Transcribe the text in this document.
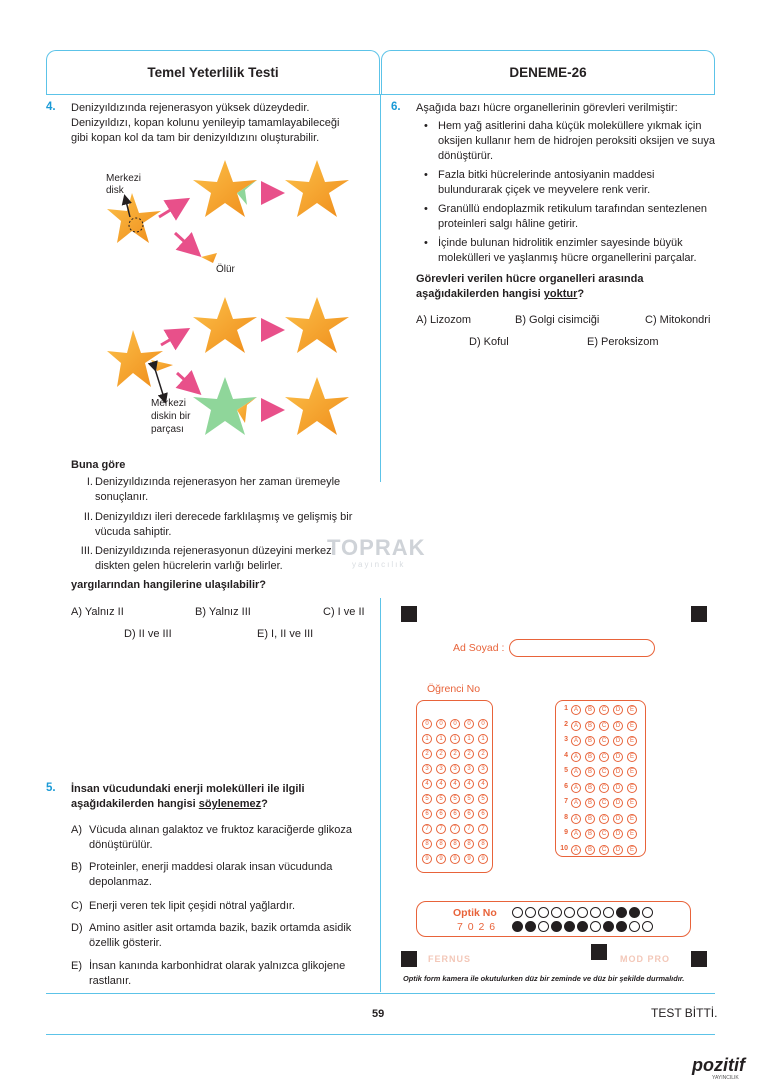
Temel Yeterlilik Testi	DENEME-26
4. Denizyıldızında rejenerasyon yüksek düzeydedir.
Denizyıldızı, kopan kolunu yenileyip tamamlayabileceği
gibi kopan kol da tam bir denizyıldızını oluşturabilir.
Merkezi
disk
Ölür
Merkezi
diskin bir
parçası
Buna göre
I. Denizyıldızında rejenerasyon her zaman üremeyle
sonuçlanır.
II. Denizyıldızı ileri derecede farklılaşmış ve gelişmiş bir
vücuda sahiptir.
III. Denizyıldızında rejenerasyonun düzeyini merkezi
diskten gelen hücrelerin varlığı belirler.
yargılarından hangilerine ulaşılabilir?
A) Yalnız II	B) Yalnız III	C) I ve II
D) II ve III	E) I, II ve III
TOPRAK
yayıncılık
5. İnsan vücudundaki enerji molekülleri ile ilgili
aşağıdakilerden hangisi söylenemez?
A) Vücuda alınan galaktoz ve fruktoz karaciğerde glikoza
dönüştürülür.
B) Proteinler, enerji maddesi olarak insan vücudunda
depolanmaz.
C) Enerji veren tek lipit çeşidi nötral yağlardır.
D) Amino asitler asit ortamda bazik, bazik ortamda asidik
özellik gösterir.
E) İnsan kanında karbonhidrat olarak yalnızca glikojene
rastlanır.
6. Aşağıda bazı hücre organellerinin görevleri verilmiştir:
• Hem yağ asitlerini daha küçük moleküllere yıkmak için oksijen kullanır hem de hidrojen peroksiti oksijen ve suya dönüştürür.
• Fazla bitki hücrelerinde antosiyanin maddesi bulundurarak çiçek ve meyvelere renk verir.
• Granüllü endoplazmik retikulum tarafından sentezlenen proteinleri salgı hâline getirir.
• İçinde bulunan hidrolitik enzimler sayesinde büyük molekülleri ve yaşlanmış hücre organellerini parçalar.
Görevleri verilen hücre organelleri arasında
aşağıdakilerden hangisi yoktur?
A) Lizozom	B) Golgi cisimciği	C) Mitokondri
D) Koful	E) Peroksizom
Ad Soyad :
Öğrenci No
0	0	0	0	0
1	1	1	1	1
2	2	2	2	2
3	3	3	3	3
4	4	4	4	4
5	5	5	5	5
6	6	6	6	6
7	7	7	7	7
8	8	8	8	8
9	9	9	9	9
1 A	B	C	D	E
2 A	B	C	D	E
3 A	B	C	D	E
4 A	B	C	D	E
5 A	B	C	D	E
6 A	B	C	D	E
7 A	B	C	D	E
8 A	B	C	D	E
9 A	B	C	D	E
10 A	B	C	D	E
Optik No
7 0 2 6
FERNUS	MOD PRO
Optik form kamera ile okutulurken düz bir zeminde ve düz bir şekilde durmalıdır.
59	TEST BİTTİ.
pozitif
YAYINCILIK
